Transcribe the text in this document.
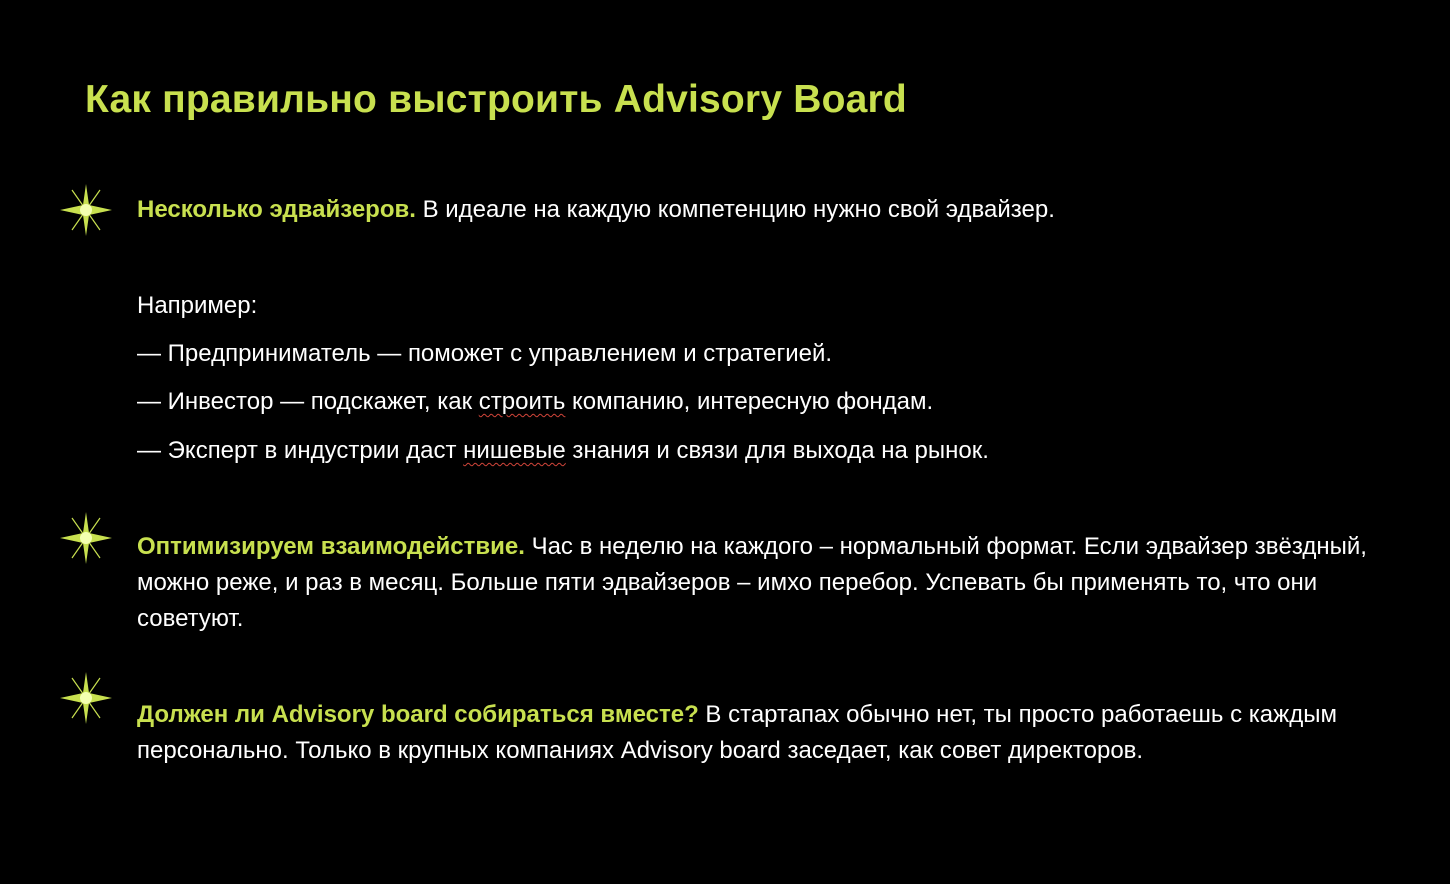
Как правильно выстроить Advisory Board
Несколько эдвайзеров. В идеале на каждую компетенцию нужно свой эдвайзер.
Например:
— Предприниматель — поможет с управлением и стратегией.
— Инвестор — подскажет, как строить компанию, интересную фондам.
— Эксперт в индустрии даст нишевые знания и связи для выхода на рынок.
Оптимизируем взаимодействие. Час в неделю на каждого – нормальный формат. Если эдвайзер звёздный, можно реже, и раз в месяц. Больше пяти эдвайзеров – имхо перебор. Успевать бы применять то, что они советуют.
Должен ли Advisory board собираться вместе? В стартапах обычно нет, ты просто работаешь с каждым персонально. Только в крупных компаниях Advisory board заседает, как совет директоров.
